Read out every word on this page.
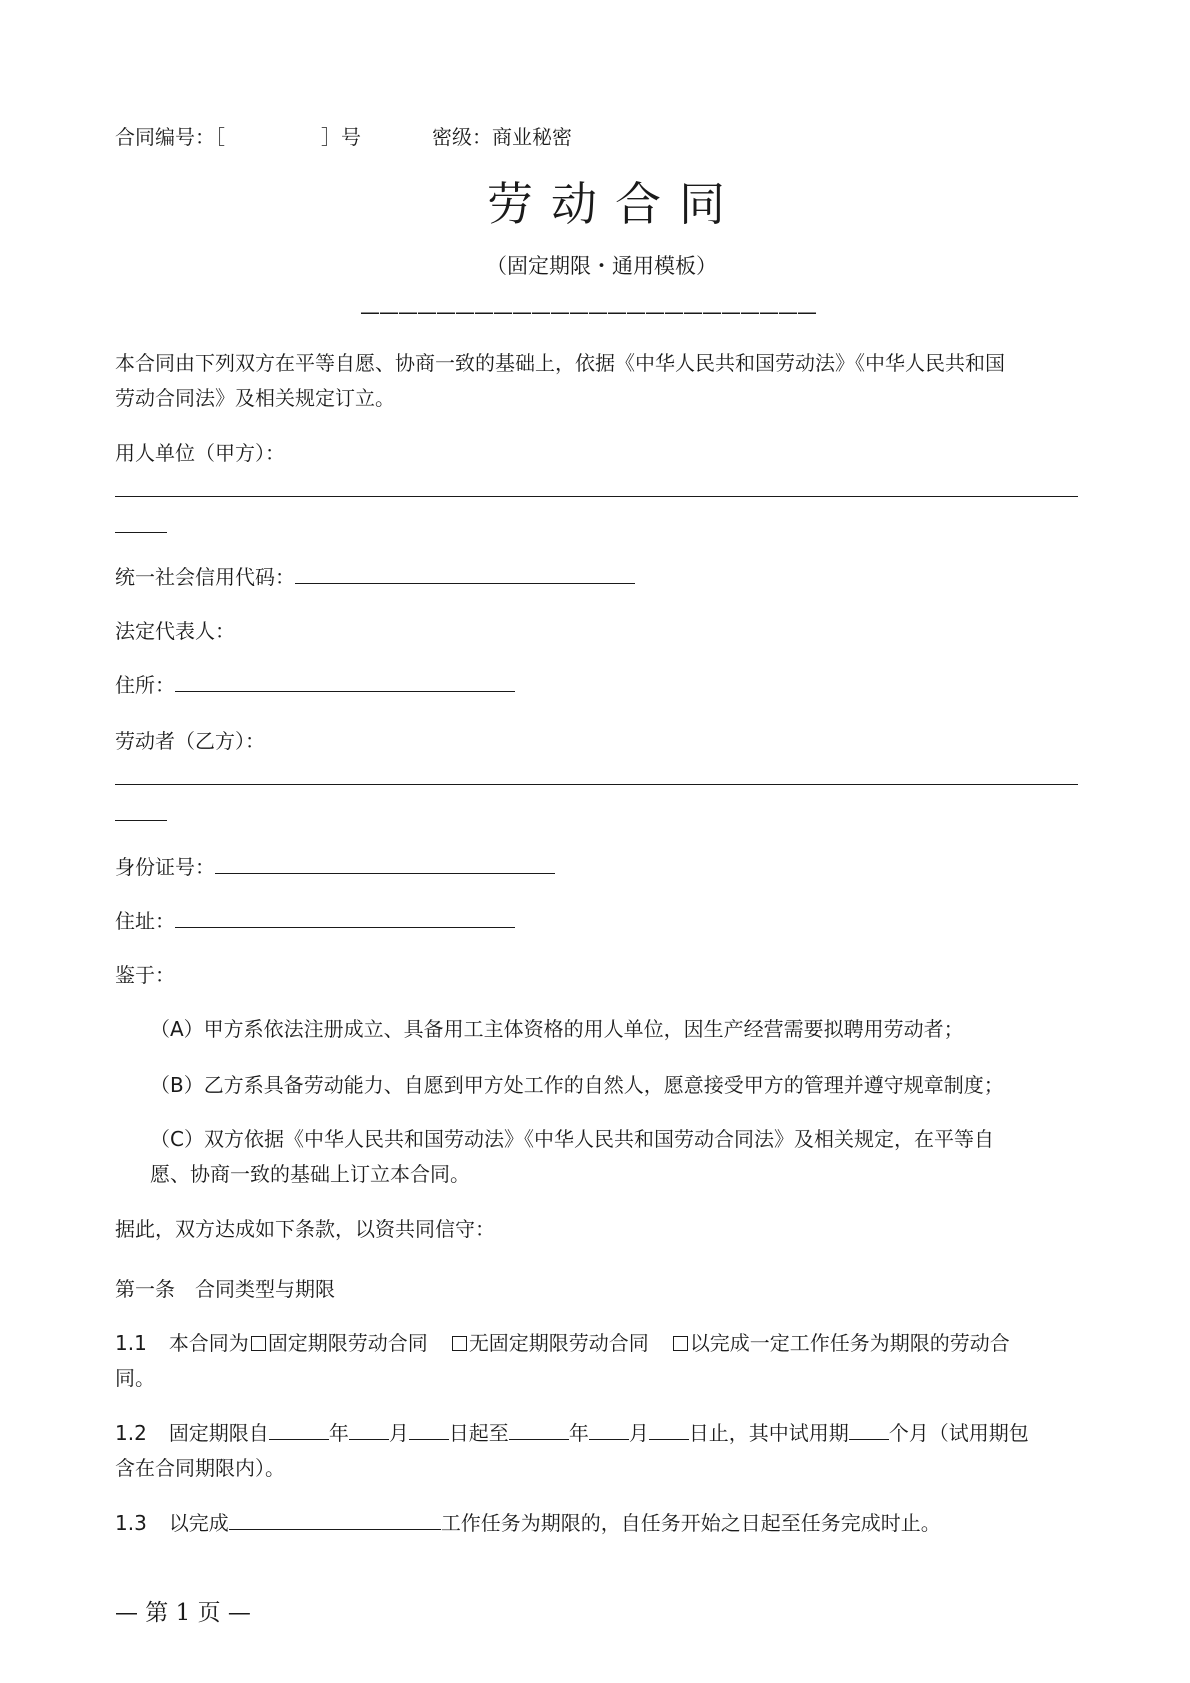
合同编号：［	］号	密级：商业秘密
劳动合同
（固定期限・通用模板）
————————————————————————
本合同由下列双方在平等自愿、协商一致的基础上，依据《中华人民共和国劳动法》《中华人民共和国
劳动合同法》及相关规定订立。
用人单位（甲方）：
统一社会信用代码：
法定代表人：
住所：
劳动者（乙方）：
身份证号：
住址：
鉴于：
（A）甲方系依法注册成立、具备用工主体资格的用人单位，因生产经营需要拟聘用劳动者；
（B）乙方系具备劳动能力、自愿到甲方处工作的自然人，愿意接受甲方的管理并遵守规章制度；
（C）双方依据《中华人民共和国劳动法》《中华人民共和国劳动合同法》及相关规定，在平等自
愿、协商一致的基础上订立本合同。
据此，双方达成如下条款，以资共同信守：
第一条　合同类型与期限
1.1 本合同为 固定期限劳动合同 无固定期限劳动合同 以完成一定工作任务为期限的劳动合
同。
1.2 固定期限自	年 月 日起至	年 月 日止，其中试用期 个月（试用期包
含在合同期限内）。
1.3 以完成	工作任务为期限的，自任务开始之日起至任务完成时止。
— 第 1 页 —
